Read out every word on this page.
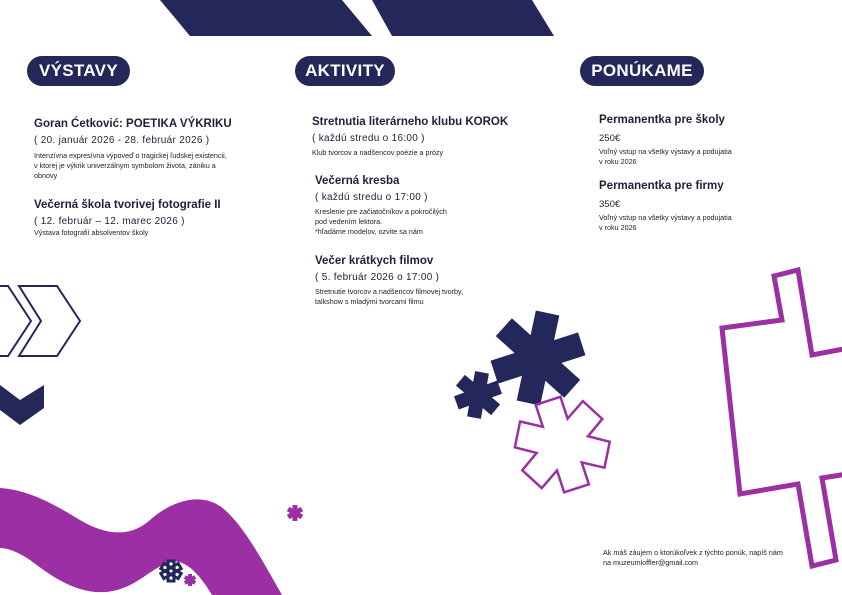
VÝSTAVY	AKTIVITY	PONÚKAME
Goran Ćetković: POETIKA VÝKRIKU
( 20. január 2026 - 28. február 2026 )
Intenzívna expresívna výpoveď o tragickej ľudskej existencii,
v ktorej je výkrik univerzálnym symbolom života, zániku a
obnovy
Večerná škola tvorivej fotografie II
( 12. február – 12. marec 2026 )
Výstava fotografií absolventov školy
Stretnutia literárneho klubu KOROK
( každú stredu o 16:00 )
Klub tvorcov a nadšencov poézie a prózy
Večerná kresba
( každú stredu o 17:00 )
Kreslenie pre začiatočníkov a pokročilých
pod vedením lektora.
*hľadáme modelov, ozvite sa nám
Večer krátkych filmov
( 5. február 2026 o 17:00 )
Stretnutie tvorcov a nadšencov filmovej tvorby,
talkshow s mladými tvorcami filmu
Permanentka pre školy
250€
Voľný vstup na všetky výstavy a podujatia
v roku 2026
Permanentka pre firmy
350€
Voľný vstup na všetky výstavy a podujatia
v roku 2026
Ak máš záujem o ktorúkoľvek z týchto ponúk, napíš nám
na muzeumloffler@gmail.com
